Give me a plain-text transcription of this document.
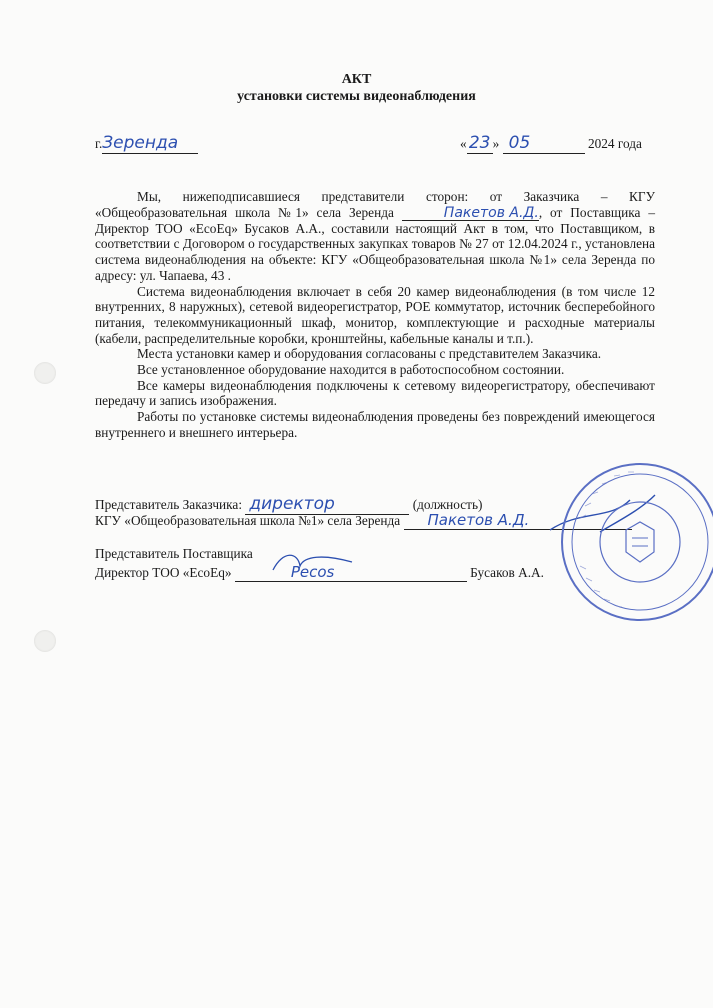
АКТ
установки системы видеонаблюдения
г.Зеренда	« 23 » 05	2024 года

Мы, нижеподписавшиеся представители сторон: от Заказчика – КГУ «Общеобразовательная школа №1» села Зеренда	Пакетов А.Д., от Поставщика – Директор ТОО «EcoEq» Бусаков А.А., составили настоящий Акт в том, что Поставщиком, в соответствии с Договором о государственных закупках товаров № 27 от 12.04.2024 г., установлена система видеонаблюдения на объекте: КГУ «Общеобразовательная школа №1» села Зеренда по адресу: ул. Чапаева, 43 .

Система видеонаблюдения включает в себя 20 камер видеонаблюдения (в том числе 12 внутренних, 8 наружных), сетевой видеорегистратор, POE коммутатор, источник бесперебойного питания, телекоммуникационный шкаф, монитор, комплектующие и расходные материалы (кабели, распределительные коробки, кронштейны, кабельные каналы и т.п.).

Места установки камер и оборудования согласованы с представителем Заказчика.

Все установленное оборудование находится в работоспособном состоянии.

Все камеры видеонаблюдения подключены к сетевому видеорегистратору, обеспечивают передачу и запись изображения.

Работы по установке системы видеонаблюдения проведены без повреждений имеющегося внутреннего и внешнего интерьера.

Представитель Заказчика: директор	(должность)
КГУ «Общеобразовательная школа №1» села Зеренда Пакетов А.Д.
Представитель Поставщика
Директор ТОО «EcoEq»	Pecos	Бусаков А.А.
